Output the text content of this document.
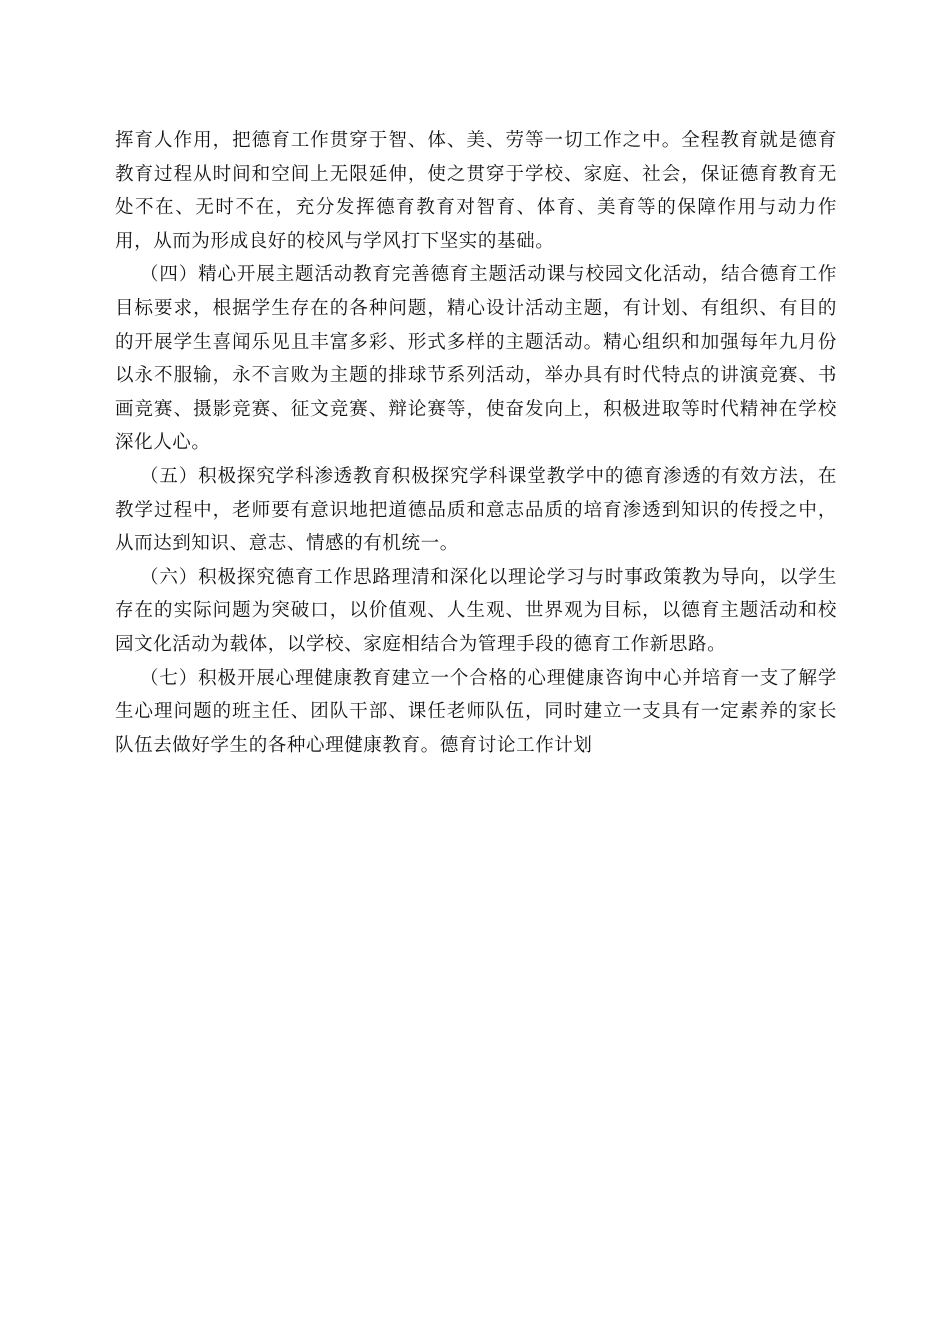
挥育人作用，把德育工作贯穿于智、体、美、劳等一切工作之中。全程教育就是德育教育过程从时间和空间上无限延伸，使之贯穿于学校、家庭、社会，保证德育教育无处不在、无时不在，充分发挥德育教育对智育、体育、美育等的保障作用与动力作用，从而为形成良好的校风与学风打下坚实的基础。

（四）精心开展主题活动教育完善德育主题活动课与校园文化活动，结合德育工作目标要求，根据学生存在的各种问题，精心设计活动主题，有计划、有组织、有目的的开展学生喜闻乐见且丰富多彩、形式多样的主题活动。精心组织和加强每年九月份以永不服输，永不言败为主题的排球节系列活动，举办具有时代特点的讲演竞赛、书画竞赛、摄影竞赛、征文竞赛、辩论赛等，使奋发向上，积极进取等时代精神在学校深化人心。

（五）积极探究学科渗透教育积极探究学科课堂教学中的德育渗透的有效方法，在教学过程中，老师要有意识地把道德品质和意志品质的培育渗透到知识的传授之中，从而达到知识、意志、情感的有机统一。

（六）积极探究德育工作思路理清和深化以理论学习与时事政策教为导向，以学生存在的实际问题为突破口，以价值观、人生观、世界观为目标，以德育主题活动和校园文化活动为载体，以学校、家庭相结合为管理手段的德育工作新思路。

（七）积极开展心理健康教育建立一个合格的心理健康咨询中心并培育一支了解学生心理问题的班主任、团队干部、课任老师队伍，同时建立一支具有一定素养的家长队伍去做好学生的各种心理健康教育。德育讨论工作计划
